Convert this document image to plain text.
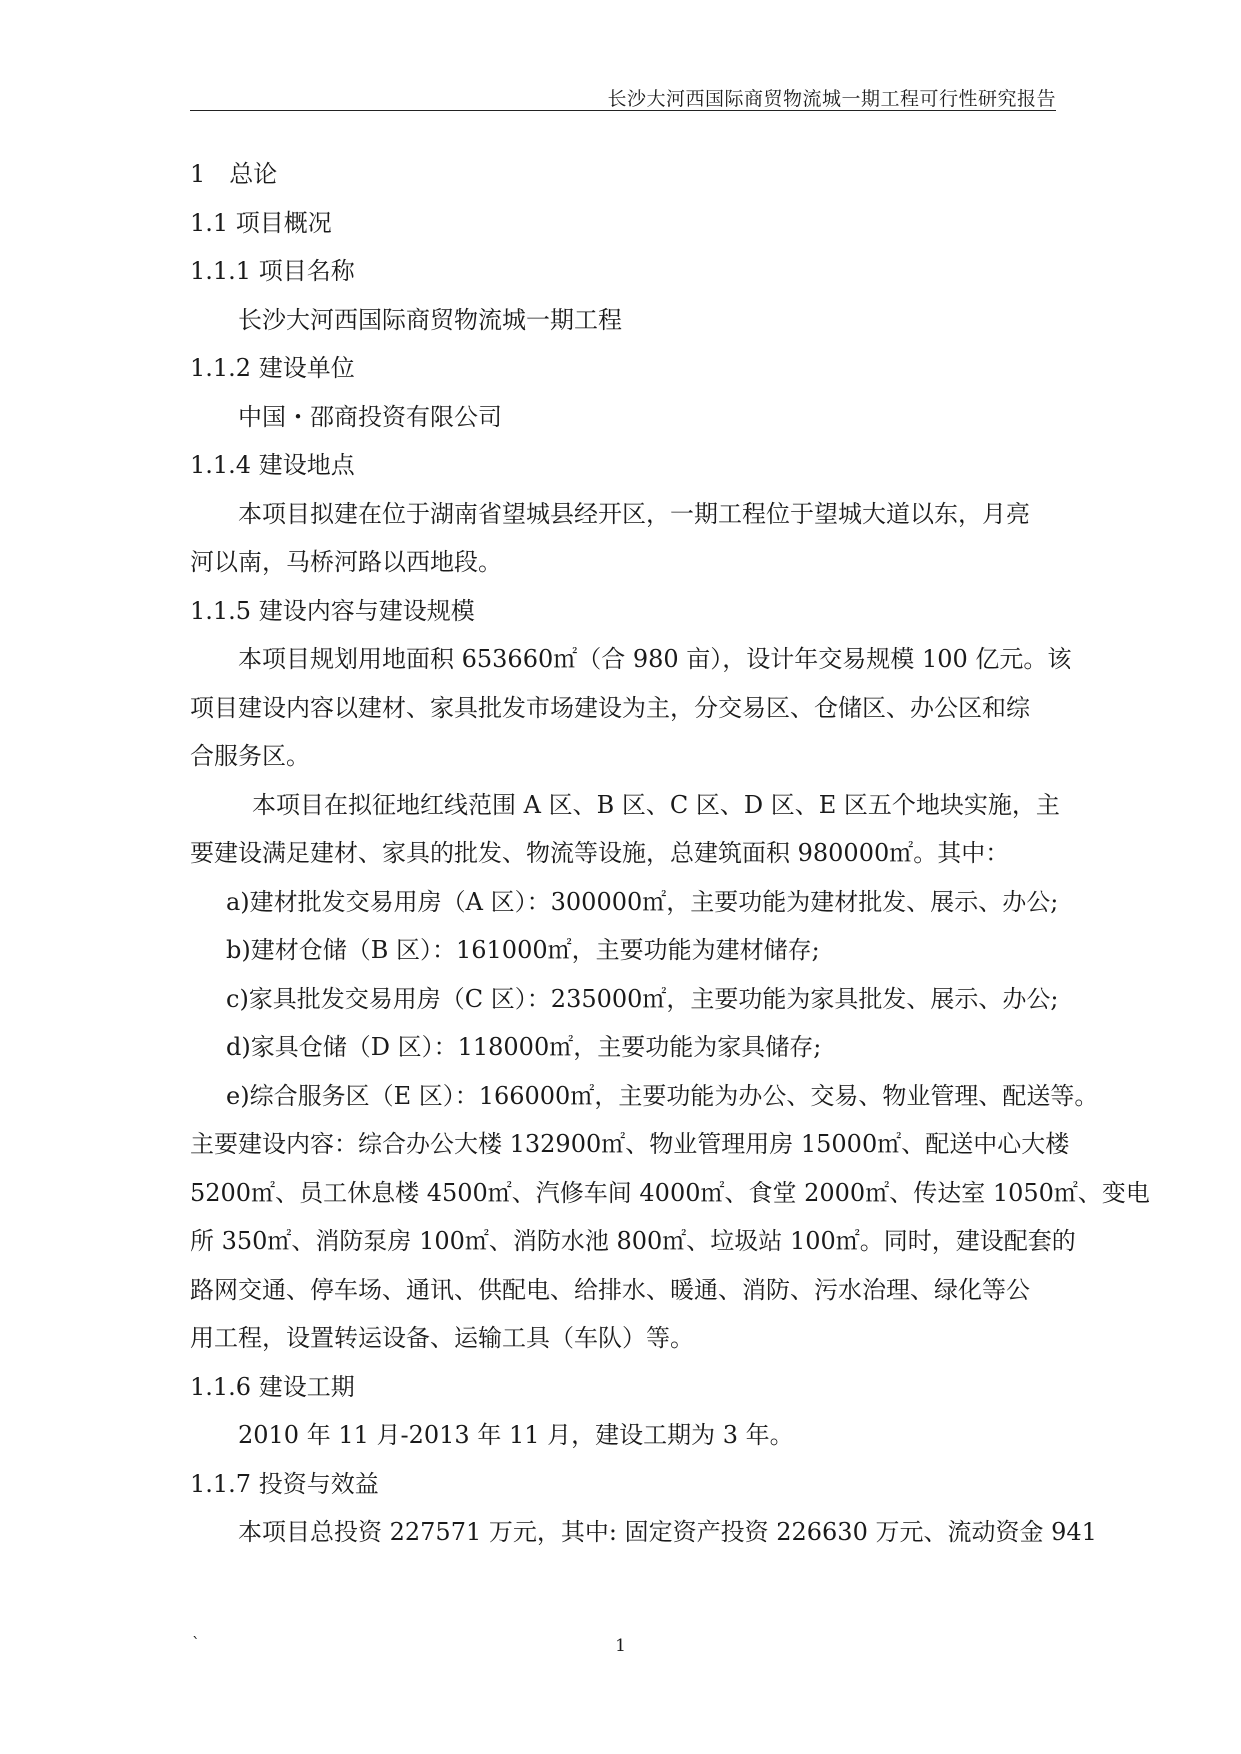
长沙大河西国际商贸物流城一期工程可行性研究报告
1　总论
1.1 项目概况
1.1.1 项目名称
长沙大河西国际商贸物流城一期工程
1.1.2 建设单位
中国・邵商投资有限公司
1.1.4 建设地点
本项目拟建在位于湖南省望城县经开区，一期工程位于望城大道以东，月亮
河以南，马桥河路以西地段。
1.1.5 建设内容与建设规模
本项目规划用地面积 653660㎡（合 980 亩），设计年交易规模 100 亿元。该
项目建设内容以建材、家具批发市场建设为主，分交易区、仓储区、办公区和综
合服务区。
本项目在拟征地红线范围 A 区、B 区、C 区、D 区、E 区五个地块实施，主
要建设满足建材、家具的批发、物流等设施，总建筑面积 980000㎡。其中：
a)建材批发交易用房（A 区）：300000㎡，主要功能为建材批发、展示、办公;
b)建材仓储（B 区）：161000㎡，主要功能为建材储存;
c)家具批发交易用房（C 区）：235000㎡，主要功能为家具批发、展示、办公;
d)家具仓储（D 区）：118000㎡，主要功能为家具储存;
e)综合服务区（E 区）：166000㎡，主要功能为办公、交易、物业管理、配送等。
主要建设内容：综合办公大楼 132900㎡、物业管理用房 15000㎡、配送中心大楼
5200㎡、员工休息楼 4500㎡、汽修车间 4000㎡、食堂 2000㎡、传达室 1050㎡、变电
所 350㎡、消防泵房 100㎡、消防水池 800㎡、垃圾站 100㎡。同时，建设配套的
路网交通、停车场、通讯、供配电、给排水、暖通、消防、污水治理、绿化等公
用工程，设置转运设备、运输工具（车队）等。
1.1.6 建设工期
2010 年 11 月-2013 年 11 月，建设工期为 3 年。
1.1.7 投资与效益
本项目总投资 227571 万元，其中: 固定资产投资 226630 万元、流动资金 941
`	1
